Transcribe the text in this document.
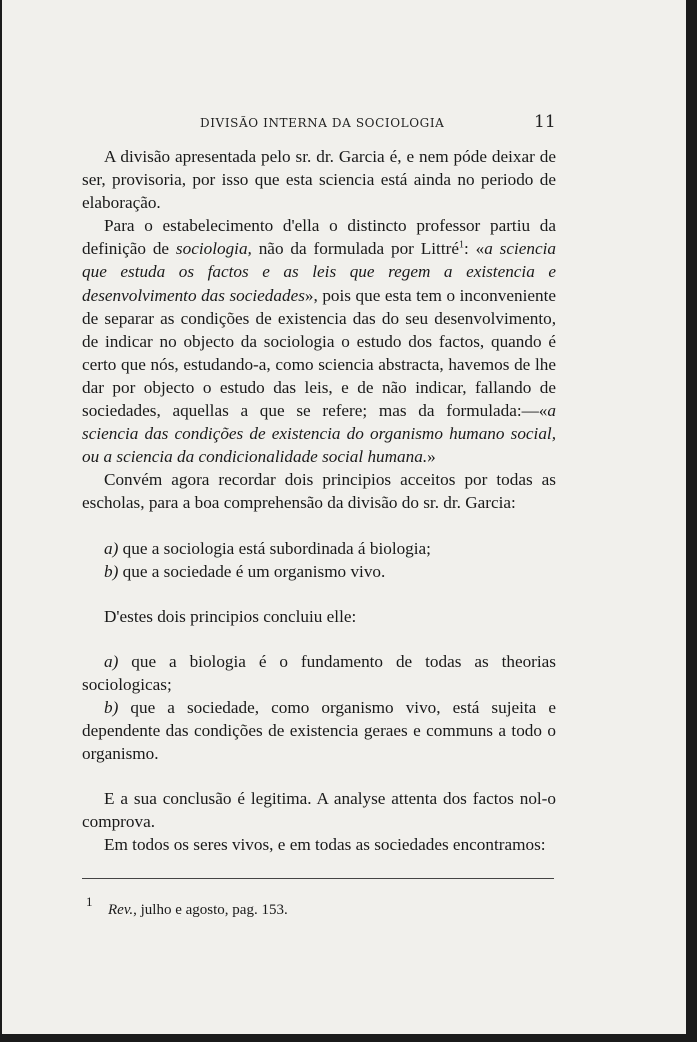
DIVISÃO INTERNA DA SOCIOLOGIA	11

A divisão apresentada pelo sr. dr. Garcia é, e nem póde deixar de ser, provisoria, por isso que esta sciencia está ainda no periodo de elaboração.

Para o estabelecimento d'ella o distincto professor partiu da definição de sociologia, não da formulada por Littré$^1$: «a sciencia que estuda os factos e as leis que regem a existencia e desenvolvimento das sociedades», pois que esta tem o inconveniente de separar as condições de existencia das do seu desenvolvimento, de indicar no objecto da sociologia o estudo dos factos, quando é certo que nós, estudando-a, como sciencia abstracta, havemos de lhe dar por objecto o estudo das leis, e de não indicar, fallando de sociedades, aquellas a que se refere; mas da formulada:—«a sciencia das condições de existencia do organismo humano social, ou a sciencia da condicionalidade social humana.»

Convém agora recordar dois principios acceitos por todas as escholas, para a boa comprehensão da divisão do sr. dr. Garcia:

a) que a sociologia está subordinada á biologia;

b) que a sociedade é um organismo vivo.

D'estes dois principios concluiu elle:

a) que a biologia é o fundamento de todas as theorias sociologicas;

b) que a sociedade, como organismo vivo, está sujeita e dependente das condições de existencia geraes e communs a todo o organismo.

E a sua conclusão é legitima. A analyse attenta dos factos nol-o comprova.

Em todos os seres vivos, e em todas as sociedades encontramos:

1
Rev., julho e agosto, pag. 153.
